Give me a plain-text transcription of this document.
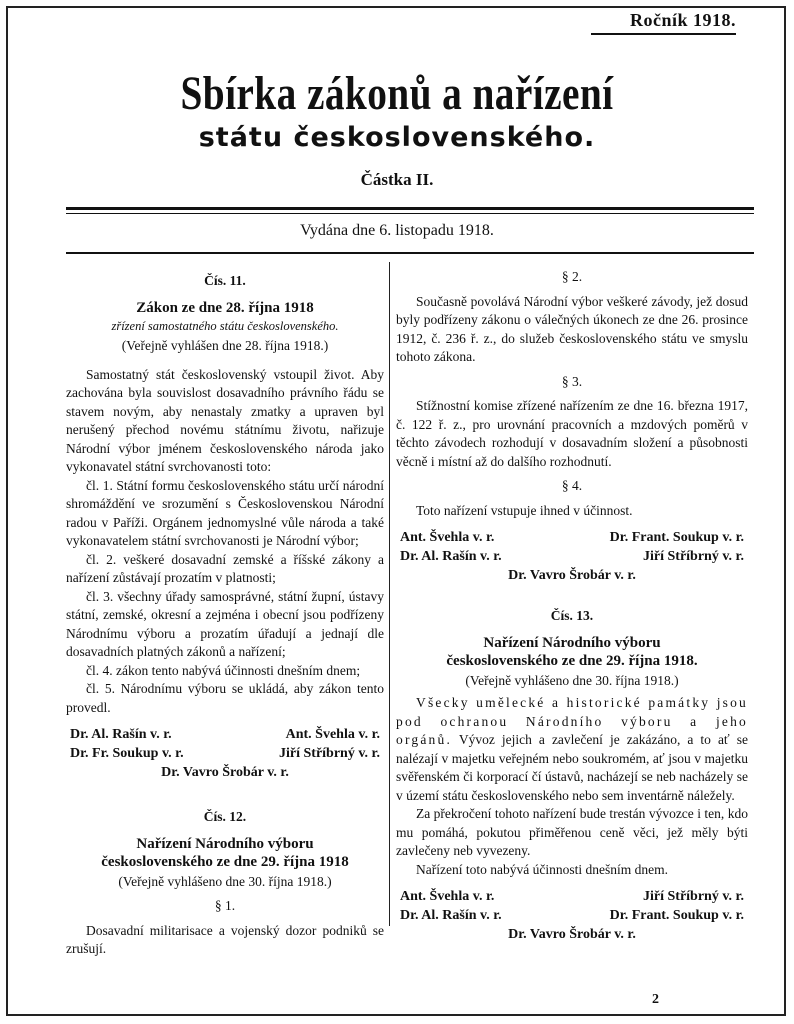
Ročník 1918.
Sbírka zákonů a nařízení
státu československého.
Částka II.
Vydána dne 6. listopadu 1918.
Čís. 11.
Zákon ze dne 28. října 1918
zřízení samostatného státu československého.
(Veřejně vyhlášen dne 28. října 1918.)

Samostatný stát československý vstoupil život. Aby zachována byla souvislost dosavadního právního řádu se stavem novým, aby nenastaly zmatky a upraven byl nerušený přechod novému státnímu životu, nařizuje Národní výbor jménem československého národa jako vykonavatel státní svrchovanosti toto:

čl. 1. Státní formu československého státu určí národní shromáždění ve srozumění s Československou Národní radou v Paříži. Orgánem jednomyslné vůle národa a také vykonavatelem státní svrchovanosti je Národní výbor;

čl. 2. veškeré dosavadní zemské a říšské zákony a nařízení zůstávají prozatím v platnosti;

čl. 3. všechny úřady samosprávné, státní župní, ústavy státní, zemské, okresní a zejména i obecní jsou podřízeny Národnímu výboru a prozatím úřadují a jednají dle dosavadních platných zákonů a nařízení;

čl. 4. zákon tento nabývá účinnosti dnešním dnem;

čl. 5. Národnímu výboru se ukládá, aby zákon tento provedl.

Dr. Al. Rašín v. r.	Ant. Švehla v. r.
Dr. Fr. Soukup v. r.	Jiří Stříbrný v. r.
Dr. Vavro Šrobár v. r.
Čís. 12.
Nařízení Národního výboru
československého ze dne 29. října 1918
(Veřejně vyhlášeno dne 30. října 1918.)
§ 1.

Dosavadní militarisace a vojenský dozor podniků se zrušují.

§ 2.

Současně povolává Národní výbor veškeré závody, jež dosud byly podřízeny zákonu o válečných úkonech ze dne 26. prosince 1912, č. 236 ř. z., do služeb československého státu ve smyslu tohoto zákona.

§ 3.

Stížnostní komise zřízené nařízením ze dne 16. března 1917, č. 122 ř. z., pro urovnání pracovních a mzdových poměrů v těchto závodech rozhodují v dosavadním složení a působnosti věcně i místní až do dalšího rozhodnutí.

§ 4.

Toto nařízení vstupuje ihned v účinnost.

Ant. Švehla v. r.	Dr. Frant. Soukup v. r.
Dr. Al. Rašín v. r.	Jiří Stříbrný v. r.
Dr. Vavro Šrobár v. r.
Čís. 13.
Nařízení Národního výboru
československého ze dne 29. října 1918.
(Veřejně vyhlášeno dne 30. října 1918.)

Všecky umělecké a historické památky jsou pod ochranou Národního výboru a jeho orgánů. Vývoz jejich a zavlečení je zakázáno, a to ať se nalézají v majetku veřejném nebo soukromém, ať jsou v majetku svěřenském či korporací čí ústavů, nacházejí se neb nacházely se v území státu československého nebo sem inventárně náležely.

Za překročení tohoto nařízení bude trestán vývozce i ten, kdo mu pomáhá, pokutou přiměřenou ceně věci, jež měly býti zavlečeny neb vyvezeny.

Nařízení toto nabývá účinnosti dnešním dnem.

Ant. Švehla v. r.	Jiří Stříbrný v. r.
Dr. Al. Rašín v. r.	Dr. Frant. Soukup v. r.
Dr. Vavro Šrobár v. r.
2
